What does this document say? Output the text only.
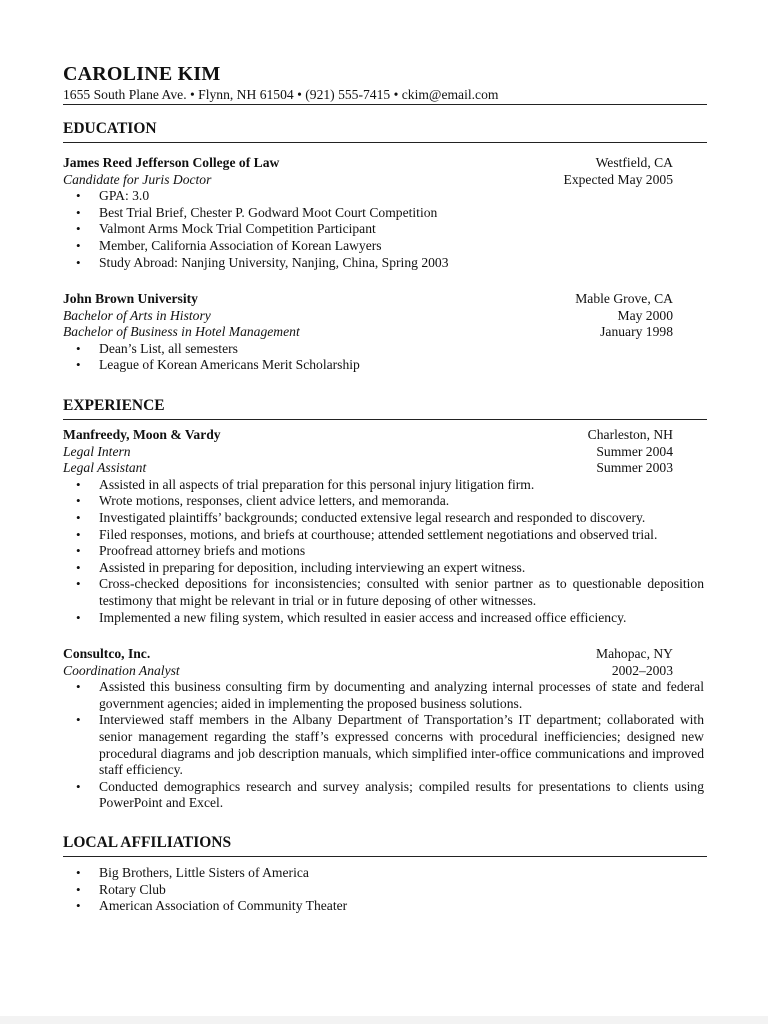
CAROLINE KIM
1655 South Plane Ave. • Flynn, NH 61504 • (921) 555-7415 • ckim@email.com
EDUCATION
James Reed Jefferson College of Law	Westfield, CA
Candidate for Juris Doctor	Expected May 2005
• GPA: 3.0
• Best Trial Brief, Chester P. Godward Moot Court Competition
• Valmont Arms Mock Trial Competition Participant
• Member, California Association of Korean Lawyers
• Study Abroad: Nanjing University, Nanjing, China, Spring 2003
John Brown University	Mable Grove, CA
Bachelor of Arts in History	May 2000
Bachelor of Business in Hotel Management	January 1998
• Dean’s List, all semesters
• League of Korean Americans Merit Scholarship
EXPERIENCE
Manfreedy, Moon & Vardy	Charleston, NH
Legal Intern	Summer 2004
Legal Assistant	Summer 2003
• Assisted in all aspects of trial preparation for this personal injury litigation firm.
• Wrote motions, responses, client advice letters, and memoranda.
• Investigated plaintiffs’ backgrounds; conducted extensive legal research and responded to discovery.
• Filed responses, motions, and briefs at courthouse; attended settlement negotiations and observed trial.
• Proofread attorney briefs and motions
• Assisted in preparing for deposition, including interviewing an expert witness.
• Cross-checked depositions for inconsistencies; consulted with senior partner as to questionable deposition testimony that might be relevant in trial or in future deposing of other witnesses.
• Implemented a new filing system, which resulted in easier access and increased office efficiency.
Consultco, Inc.	Mahopac, NY
Coordination Analyst	2002–2003
• Assisted this business consulting firm by documenting and analyzing internal processes of state and federal government agencies; aided in implementing the proposed business solutions.
• Interviewed staff members in the Albany Department of Transportation’s IT department; collaborated with senior management regarding the staff’s expressed concerns with procedural inefficiencies; designed new procedural diagrams and job description manuals, which simplified inter-office communications and improved staff efficiency.
• Conducted demographics research and survey analysis; compiled results for presentations to clients using PowerPoint and Excel.
LOCAL AFFILIATIONS
• Big Brothers, Little Sisters of America
• Rotary Club
• American Association of Community Theater
